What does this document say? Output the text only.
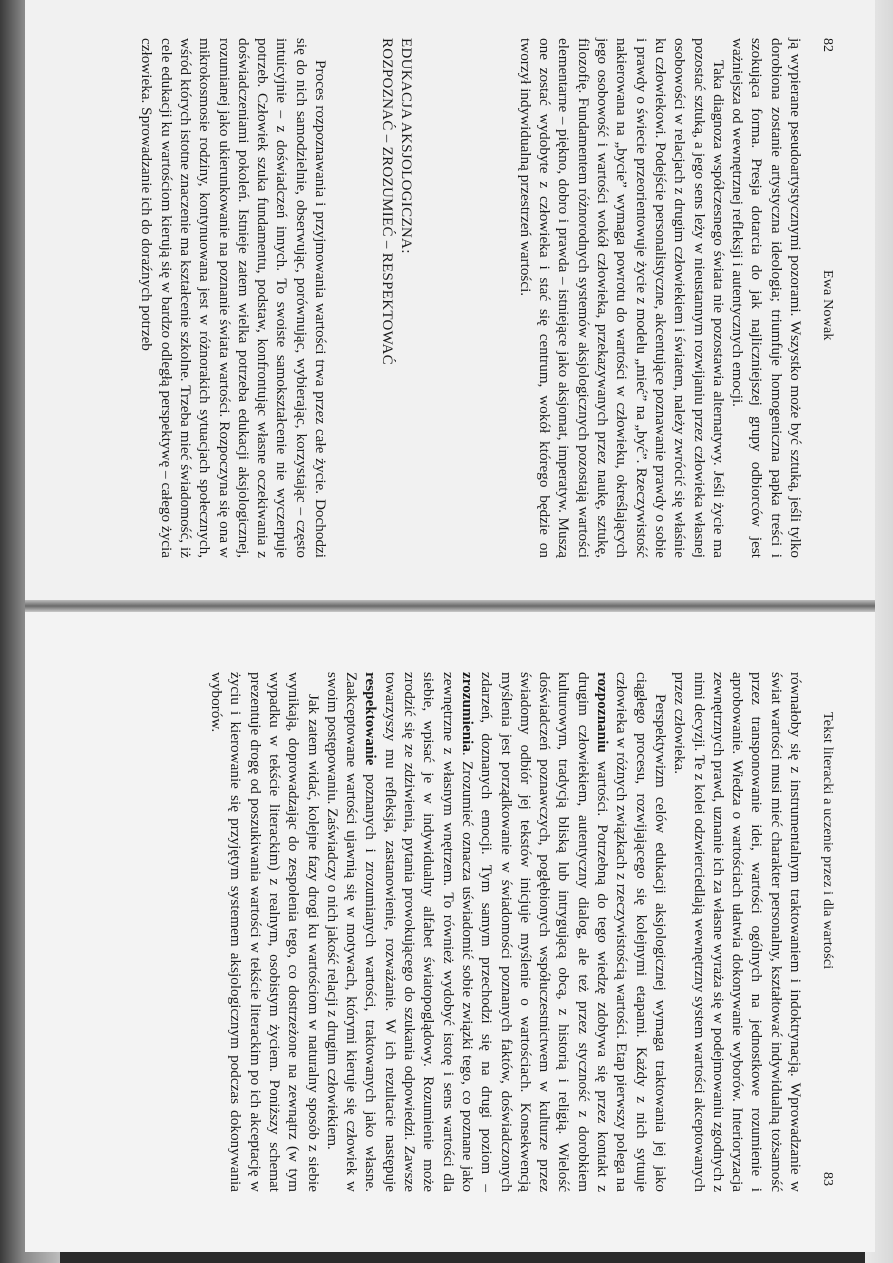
82
Ewa Nowak

ją wypierane pseudoartystycznymi pozorami. Wszystko może być sztuką, jeśli tylko dorobiona zostanie artystyczna ideologia; triumfuje homogeniczna papka treści i szokująca forma. Presja dotarcia do jak najliczniejszej grupy odbiorców jest ważniejsza od wewnętrznej refleksji i autentycznych emocji.

Taka diagnoza współczesnego świata nie pozostawia alternatywy. Jeśli życie ma pozostać sztuką, a jego sens leży w nieustannym rozwijaniu przez człowieka własnej osobowości w relacjach z drugim człowiekiem i światem, należy zwrócić się właśnie ku człowiekowi. Podejście personalistyczne, akcentujące poznawanie prawdy o sobie i prawdy o świecie przeorientowuje życie z modelu „mieć” na „być”. Rzeczywistość nakierowana na „bycie” wymaga powrotu do wartości w człowieku, określających jego osobowość i wartości wokół człowieka, przekazywanych przez naukę, sztukę, filozofię. Fundamentem różnorodnych systemów aksjologicznych pozostają wartości elementarne – piękno, dobro i prawda – istniejące jako aksjomat, imperatyw. Muszą one zostać wydobyte z człowieka i stać się centrum, wokół którego będzie on tworzył indywidualną przestrzeń wartości.

EDUKACJA AKSJOLOGICZNA:
ROZPOZNAĆ – ZROZUMIEĆ – RESPEKTOWAĆ

Proces rozpoznawania i przyjmowania wartości trwa przez całe życie. Dochodzi się do nich samodzielnie, obserwując, porównując, wybierając, korzystając – często intuicyjnie – z doświadczeń innych. To swoiste samokształcenie nie wyczerpuje potrzeb. Człowiek szuka fundamentu, podstaw, konfrontując własne oczekiwania z doświadczeniami pokoleń. Istnieje zatem wielka potrzeba edukacji aksjologicznej, rozumianej jako ukierunkowanie na poznanie świata wartości. Rozpoczyna się ona w mikrokosmosie rodziny, kontynuowana jest w różnorakich sytuacjach społecznych, wśród których istotne znaczenie ma kształcenie szkolne. Trzeba mieć świadomość, iż cele edukacji ku wartościom kierują się w bardzo odległą perspektywę – całego życia człowieka. Sprowadzanie ich do doraźnych potrzeb

Tekst literacki a uczenie przez i dla wartości
83

równałoby się z instrumentalnym traktowaniem i indoktrynacją. Wprowadzanie w świat wartości musi mieć charakter personalny, kształtować indywidualną tożsamość przez transponowanie idei, wartości ogólnych na jednostkowe rozumienie i aprobowanie. Wiedza o wartościach ułatwia dokonywanie wyborów. Interioryzacja zewnętrznych prawd, uznanie ich za własne wyraża się w podejmowaniu zgodnych z nimi decyzji. Te z kolei odzwierciedlają wewnętrzny system wartości akceptowanych przez człowieka.

Perspektywizm celów edukacji aksjologicznej wymaga traktowania jej jako ciągłego procesu, rozwijającego się kolejnymi etapami. Każdy z nich sytuuje człowieka w różnych związkach z rzeczywistością wartości. Etap pierwszy polega na rozpoznaniu wartości. Potrzebną do tego wiedzę zdobywa się przez kontakt z drugim człowiekiem, autentyczny dialog, ale też przez styczność z dorobkiem kulturowym, tradycją bliską lub intrygującą obcą, z historią i religią. Wielość doświadczeń poznawczych, pogłębionych współuczestnictwem w kulturze przez świadomy odbiór jej tekstów inicjuje myślenie o wartościach. Konsekwencją myślenia jest porządkowanie w świadomości poznanych faktów, doświadczonych zdarzeń, doznanych emocji. Tym samym przechodzi się na drugi poziom – zrozumienia. Zrozumieć oznacza uświadomić sobie związki tego, co poznane jako zewnętrzne z własnym wnętrzem. To również wydobyć istotę i sens wartości dla siebie, wpisać je w indywidualny alfabet światopoglądowy. Rozumienie może zrodzić się ze zdziwienia, pytania prowokującego do szukania odpowiedzi. Zawsze towarzyszy mu refleksja, zastanowienie, rozważanie. W ich rezultacie następuje respektowanie poznanych i zrozumianych wartości, traktowanych jako własne. Zaakceptowane wartości ujawnią się w motywach, którymi kieruje się człowiek w swoim postępowaniu. Zaświadczy o nich jakość relacji z drugim człowiekiem.

Jak zatem widać, kolejne fazy drogi ku wartościom w naturalny sposób z siebie wynikają, doprowadzając do zespolenia tego, co dostrzeżone na zewnątrz (w tym wypadku w tekście literackim) z realnym, osobistym życiem. Poniższy schemat prezentuje drogę od poszukiwania wartości w tekście literackim po ich akceptację w życiu i kierowanie się przyjętym systemem aksjologicznym podczas dokonywania wyborów.
